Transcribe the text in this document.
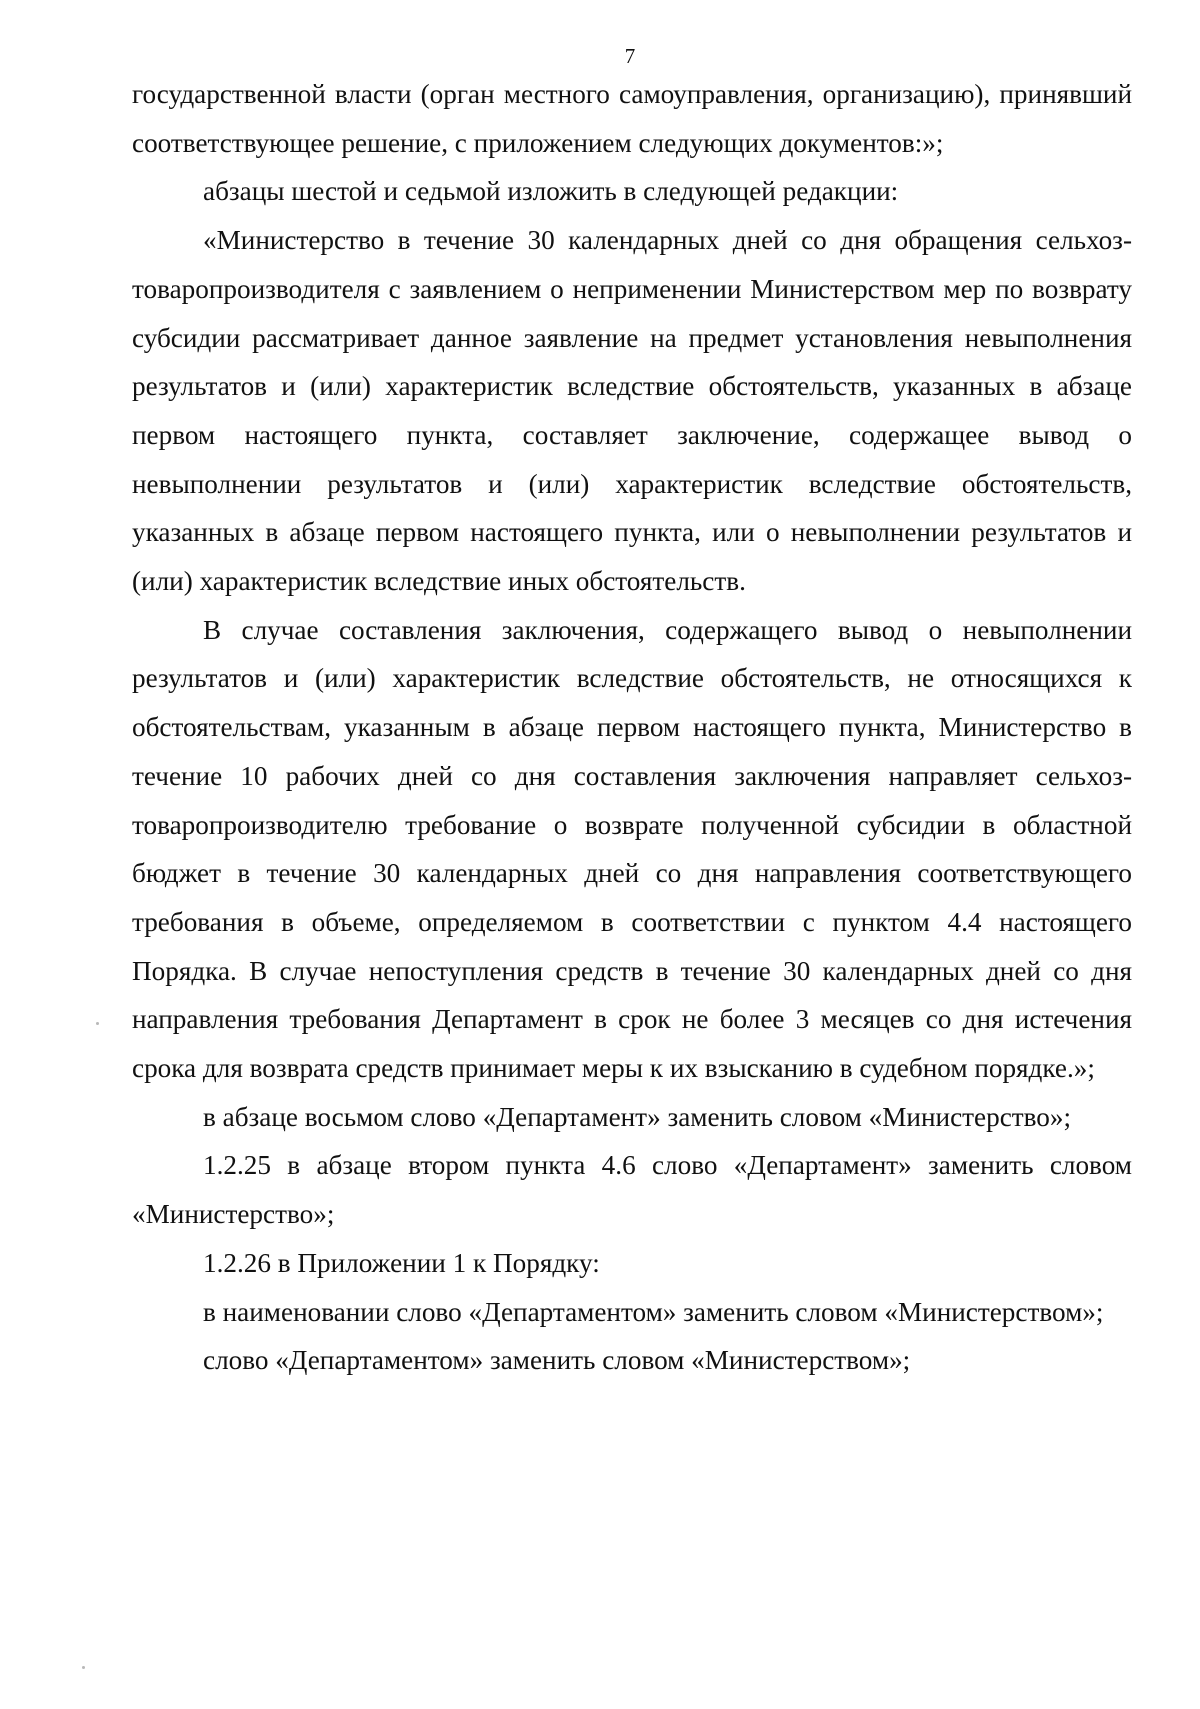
7

государственной власти (орган местного самоуправления, организацию), принявший соответствующее решение, с приложением следующих документов:»;

абзацы шестой и седьмой изложить в следующей редакции:

«Министерство в течение 30 календарных дней со дня обращения сельхозтоваропроизводителя с заявлением о неприменении Министерством мер по возврату субсидии рассматривает данное заявление на предмет установления невыполнения результатов и (или) характеристик вследствие обстоятельств, указанных в абзаце первом настоящего пункта, составляет заключение, содержащее вывод о невыполнении результатов и (или) характеристик вследствие обстоятельств, указанных в абзаце первом настоящего пункта, или о невыполнении результатов и (или) характеристик вследствие иных обстоятельств.

В случае составления заключения, содержащего вывод о невыполнении результатов и (или) характеристик вследствие обстоятельств, не относящихся к обстоятельствам, указанным в абзаце первом настоящего пункта, Министерство в течение 10 рабочих дней со дня составления заключения направляет сельхозтоваропроизводителю требование о возврате полученной субсидии в областной бюджет в течение 30 календарных дней со дня направления соответствующего требования в объеме, определяемом в соответствии с пунктом 4.4 настоящего Порядка. В случае непоступления средств в течение 30 календарных дней со дня направления требования Департамент в срок не более 3 месяцев со дня истечения срока для возврата средств принимает меры к их взысканию в судебном порядке.»;

в абзаце восьмом слово «Департамент» заменить словом «Министерство»;

1.2.25 в абзаце втором пункта 4.6 слово «Департамент» заменить словом «Министерство»;

1.2.26 в Приложении 1 к Порядку:

в наименовании слово «Департаментом» заменить словом «Министерством»;

слово «Департаментом» заменить словом «Министерством»;
